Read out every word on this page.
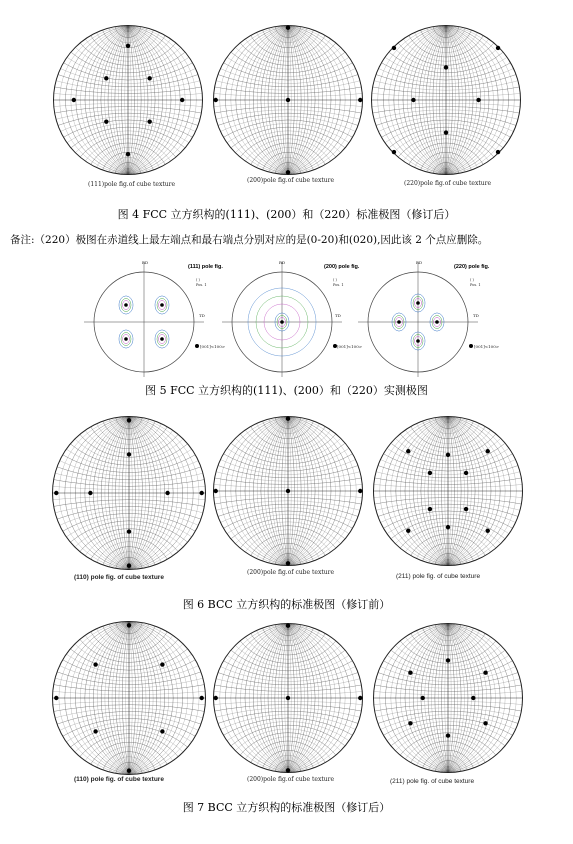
(111)pole fig.of cube texture
(200)pole fig.of cube texture	(220)pole fig.of cube texture
图 4 FCC 立方织构的(111)、(200）和（220）标准极图（修订后）
备注:（220）极图在赤道线上最左端点和最右端点分别对应的是(0-20)和(020),因此该 2 个点应删除。
(111) pole fig.	(200) pole fig.	(220) pole fig.
RD	RD	RD
TD	TD	TD
( )
Pos. 1
( )
Pos. 1
( )
Pos. 1
[001]<100>	[001]<100>	[001]<100>
图 5 FCC 立方织构的(111)、(200）和（220）实测极图
(110) pole fig. of cube texture
(200)pole fig.of cube texture
(211) pole fig. of cube texture
图 6 BCC 立方织构的标准极图（修订前）
(110) pole fig. of cube texture	(200)pole fig.of cube texture	(211) pole fig. of cube texture
图 7 BCC 立方织构的标准极图（修订后）
